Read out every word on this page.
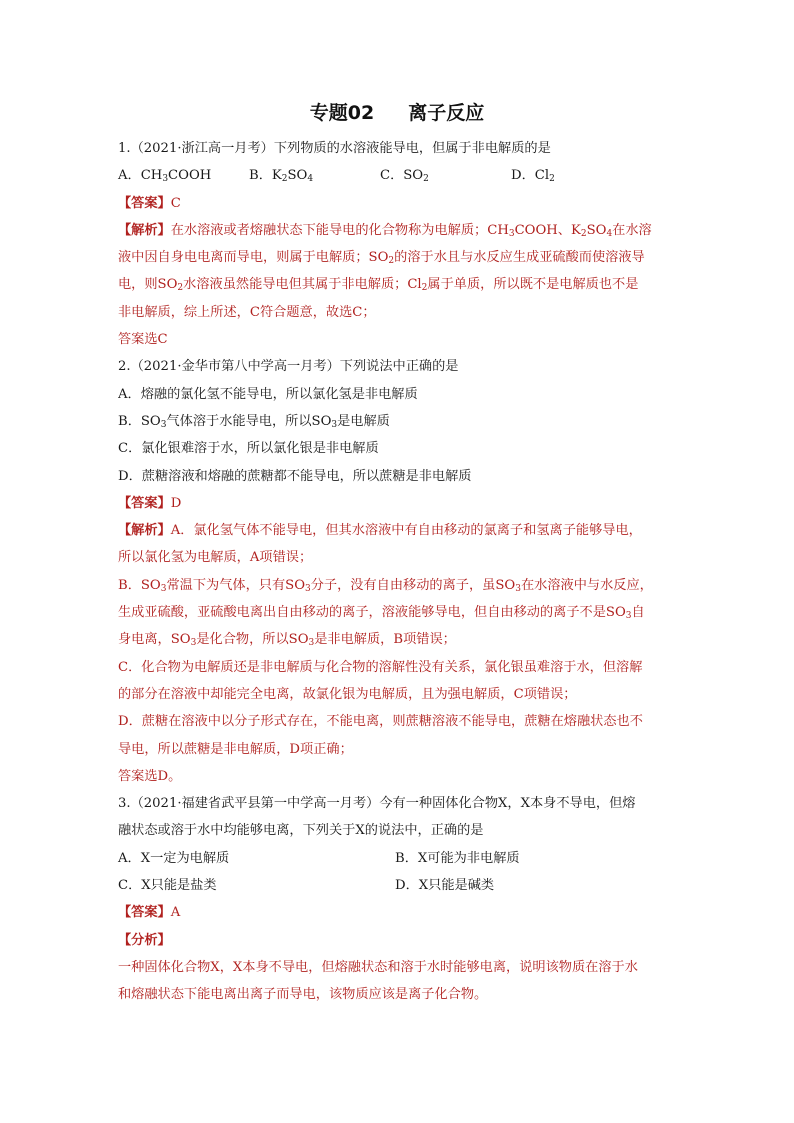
专题02 离子反应
1.（2021·浙江高一月考）下列物质的水溶液能导电，但属于非电解质的是
A．$CH_3COOH$	B．$K_2SO_4$	C．$SO_2$	D．$Cl_2$
【答案】C
【解析】在水溶液或者熔融状态下能导电的化合物称为电解质；$CH_3COOH$、$K_2SO_4$在水溶
液中因自身电电离而导电，则属于电解质；$SO_2$的溶于水且与水反应生成亚硫酸而使溶液导
电，则$SO_2$水溶液虽然能导电但其属于非电解质；$Cl_2$属于单质，所以既不是电解质也不是
非电解质，综上所述，C符合题意，故选C；
答案选C
2.（2021·金华市第八中学高一月考）下列说法中正确的是
A．熔融的氯化氢不能导电，所以氯化氢是非电解质
B．$SO_3$气体溶于水能导电，所以$SO_3$是电解质
C．氯化银难溶于水，所以氯化银是非电解质
D．蔗糖溶液和熔融的蔗糖都不能导电，所以蔗糖是非电解质
【答案】D
【解析】A．氯化氢气体不能导电，但其水溶液中有自由移动的氯离子和氢离子能够导电，
所以氯化氢为电解质，A项错误；
B．$SO_3$常温下为气体，只有$SO_3$分子，没有自由移动的离子，虽$SO_3$在水溶液中与水反应，
生成亚硫酸，亚硫酸电离出自由移动的离子，溶液能够导电，但自由移动的离子不是$SO_3$自
身电离，$SO_3$是化合物，所以$SO_3$是非电解质，B项错误；
C．化合物为电解质还是非电解质与化合物的溶解性没有关系，氯化银虽难溶于水，但溶解
的部分在溶液中却能完全电离，故氯化银为电解质，且为强电解质，C项错误；
D．蔗糖在溶液中以分子形式存在，不能电离，则蔗糖溶液不能导电，蔗糖在熔融状态也不
导电，所以蔗糖是非电解质，D项正确；
答案选D。
3.（2021·福建省武平县第一中学高一月考）今有一种固体化合物X，X本身不导电，但熔
融状态或溶于水中均能够电离，下列关于X的说法中，正确的是
A．X一定为电解质	B．X可能为非电解质
C．X只能是盐类	D．X只能是碱类
【答案】A
【分析】
一种固体化合物X，X本身不导电，但熔融状态和溶于水时能够电离，说明该物质在溶于水
和熔融状态下能电离出离子而导电，该物质应该是离子化合物。
